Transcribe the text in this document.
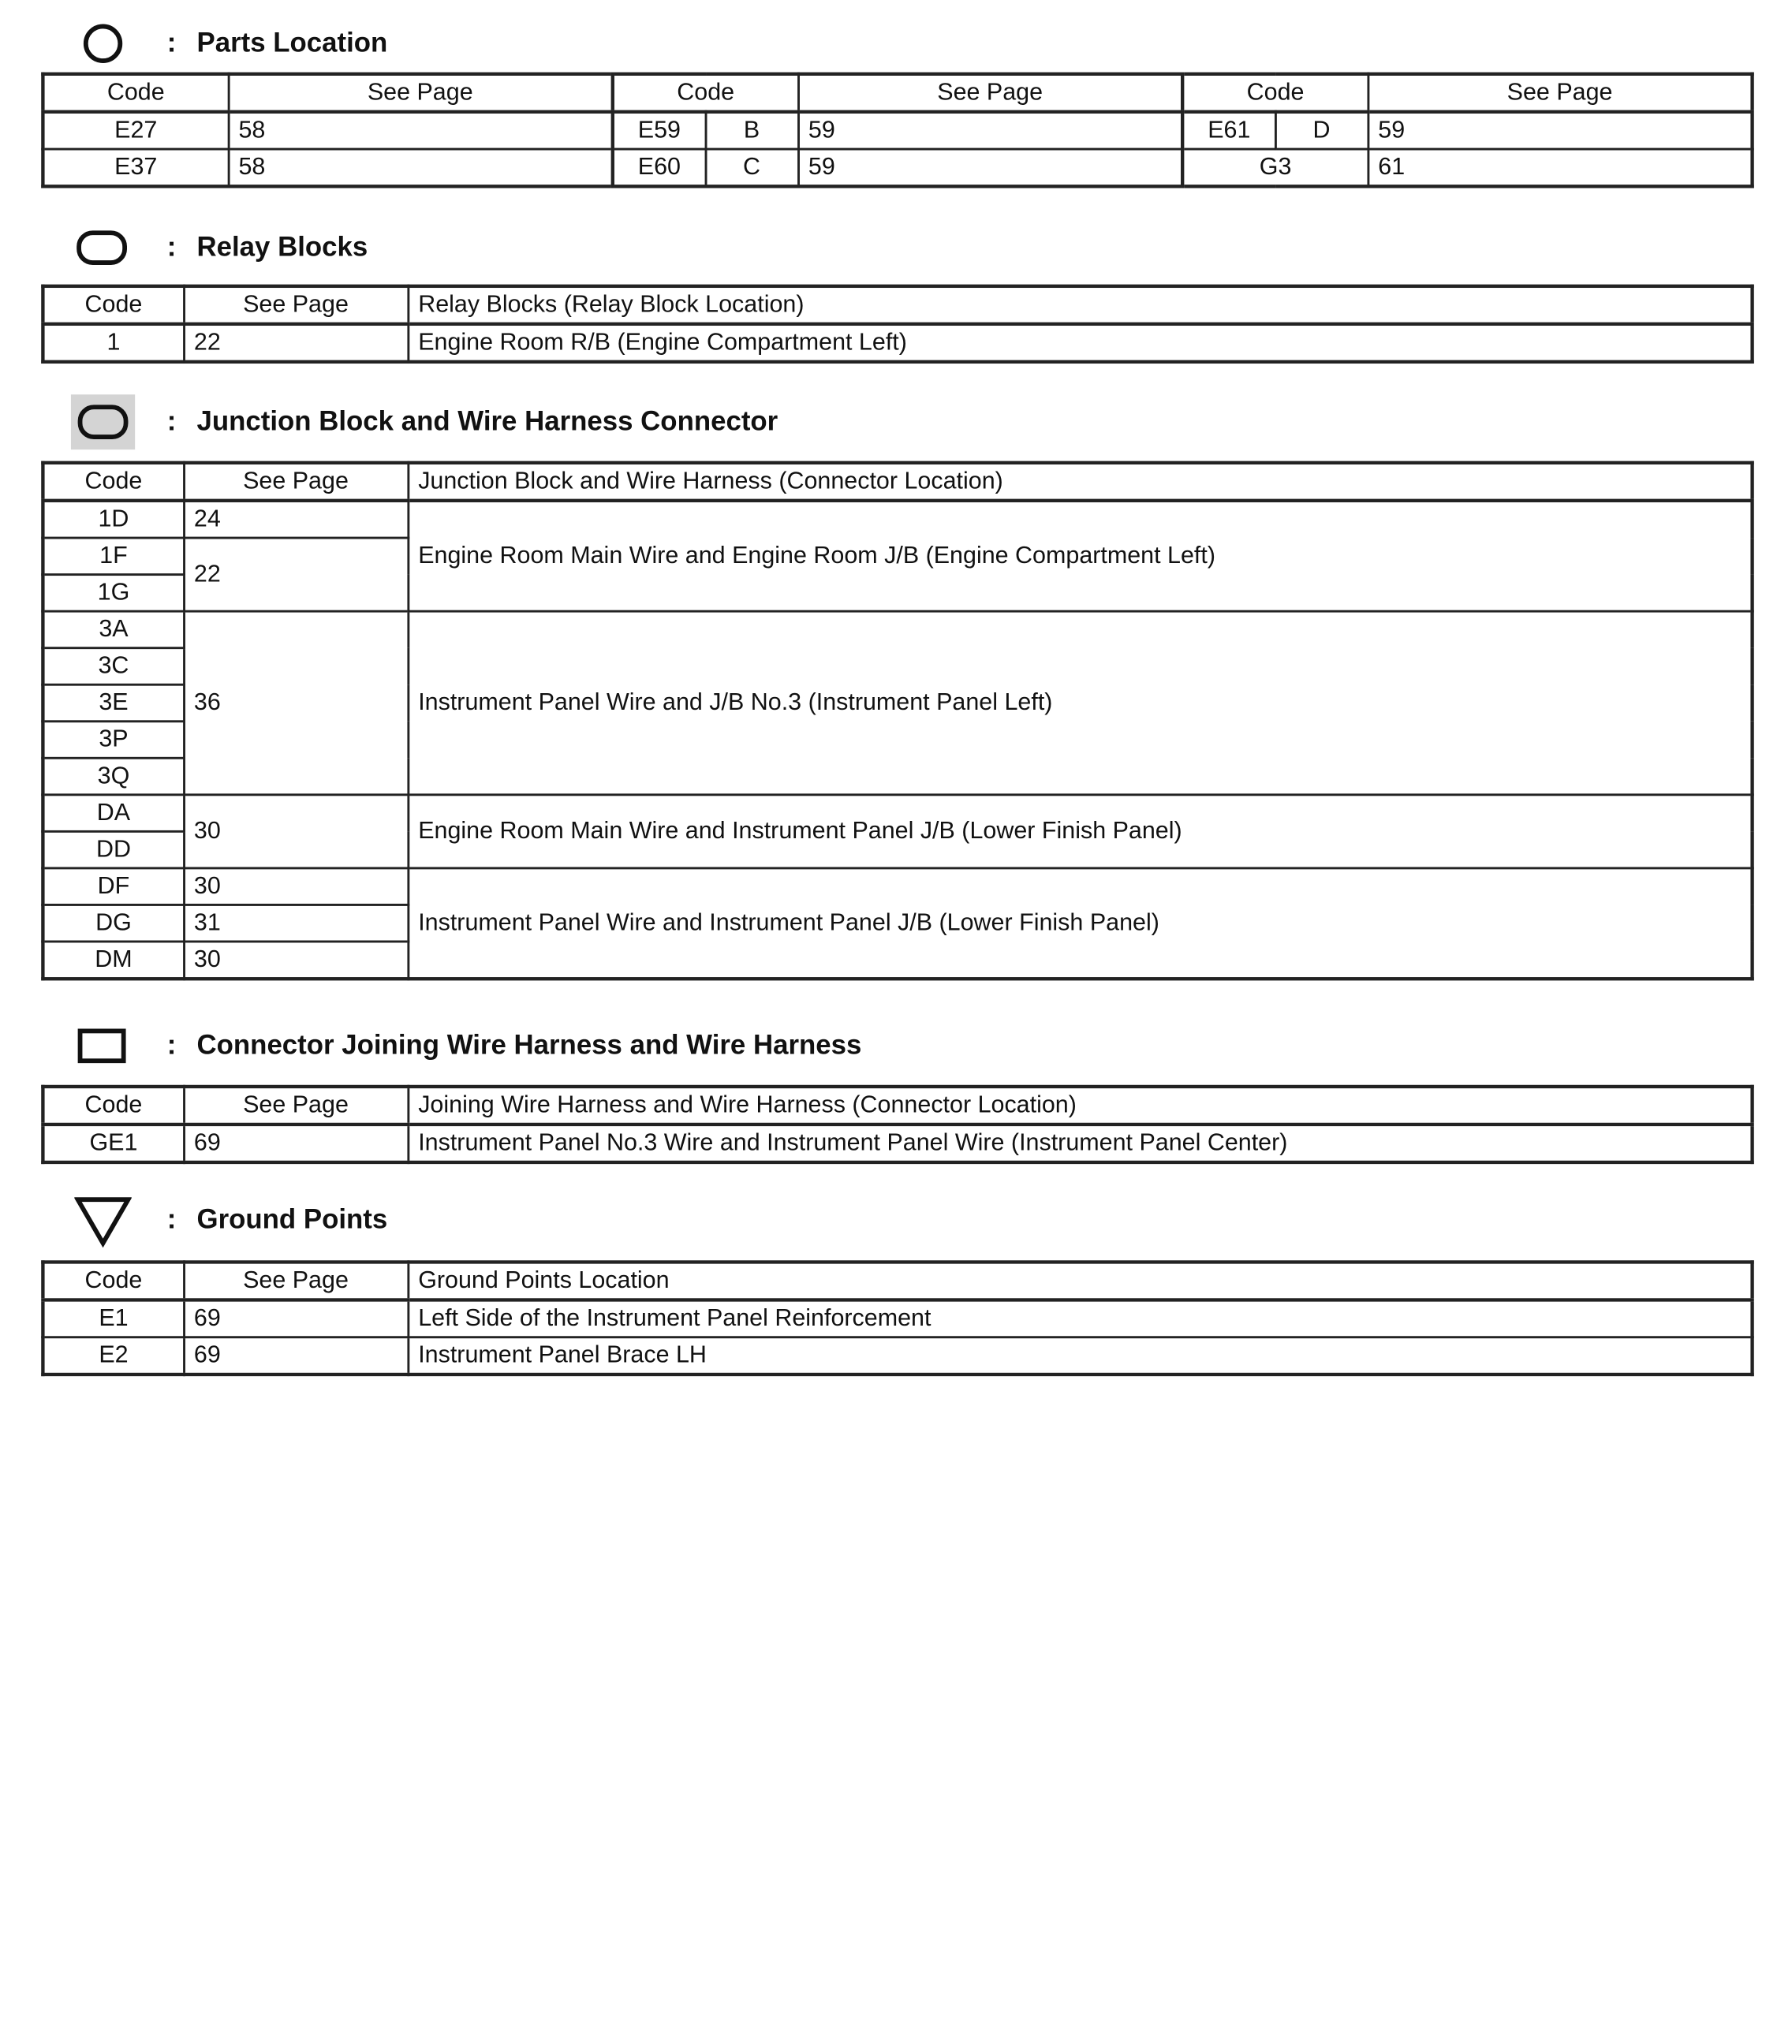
: Parts Location
Code	See Page	Code		See Page	Code		See Page
E27	58	E59	B	59	E61	D	59
E37	58	E60	C	59	G3		61
: Relay Blocks
Code	See Page	Relay Blocks (Relay Block Location)
1	22	Engine Room R/B (Engine Compartment Left)
: Junction Block and Wire Harness Connector
Code	See Page	Junction Block and Wire Harness (Connector Location)
1D	24	Engine Room Main Wire and Engine Room J/B (Engine Compartment Left)
1F	22	
1G		
3A	36	Instrument Panel Wire and J/B No.3 (Instrument Panel Left)
3C		
3E		
3P		
3Q		
DA	30	Engine Room Main Wire and Instrument Panel J/B (Lower Finish Panel)
DD		
DF	30	Instrument Panel Wire and Instrument Panel J/B (Lower Finish Panel)
DG	31	
DM	30	
: Connector Joining Wire Harness and Wire Harness
Code	See Page	Joining Wire Harness and Wire Harness (Connector Location)
GE1	69	Instrument Panel No.3 Wire and Instrument Panel Wire (Instrument Panel Center)
: Ground Points
Code	See Page	Ground Points Location
E1	69	Left Side of the Instrument Panel Reinforcement
E2	69	Instrument Panel Brace LH
